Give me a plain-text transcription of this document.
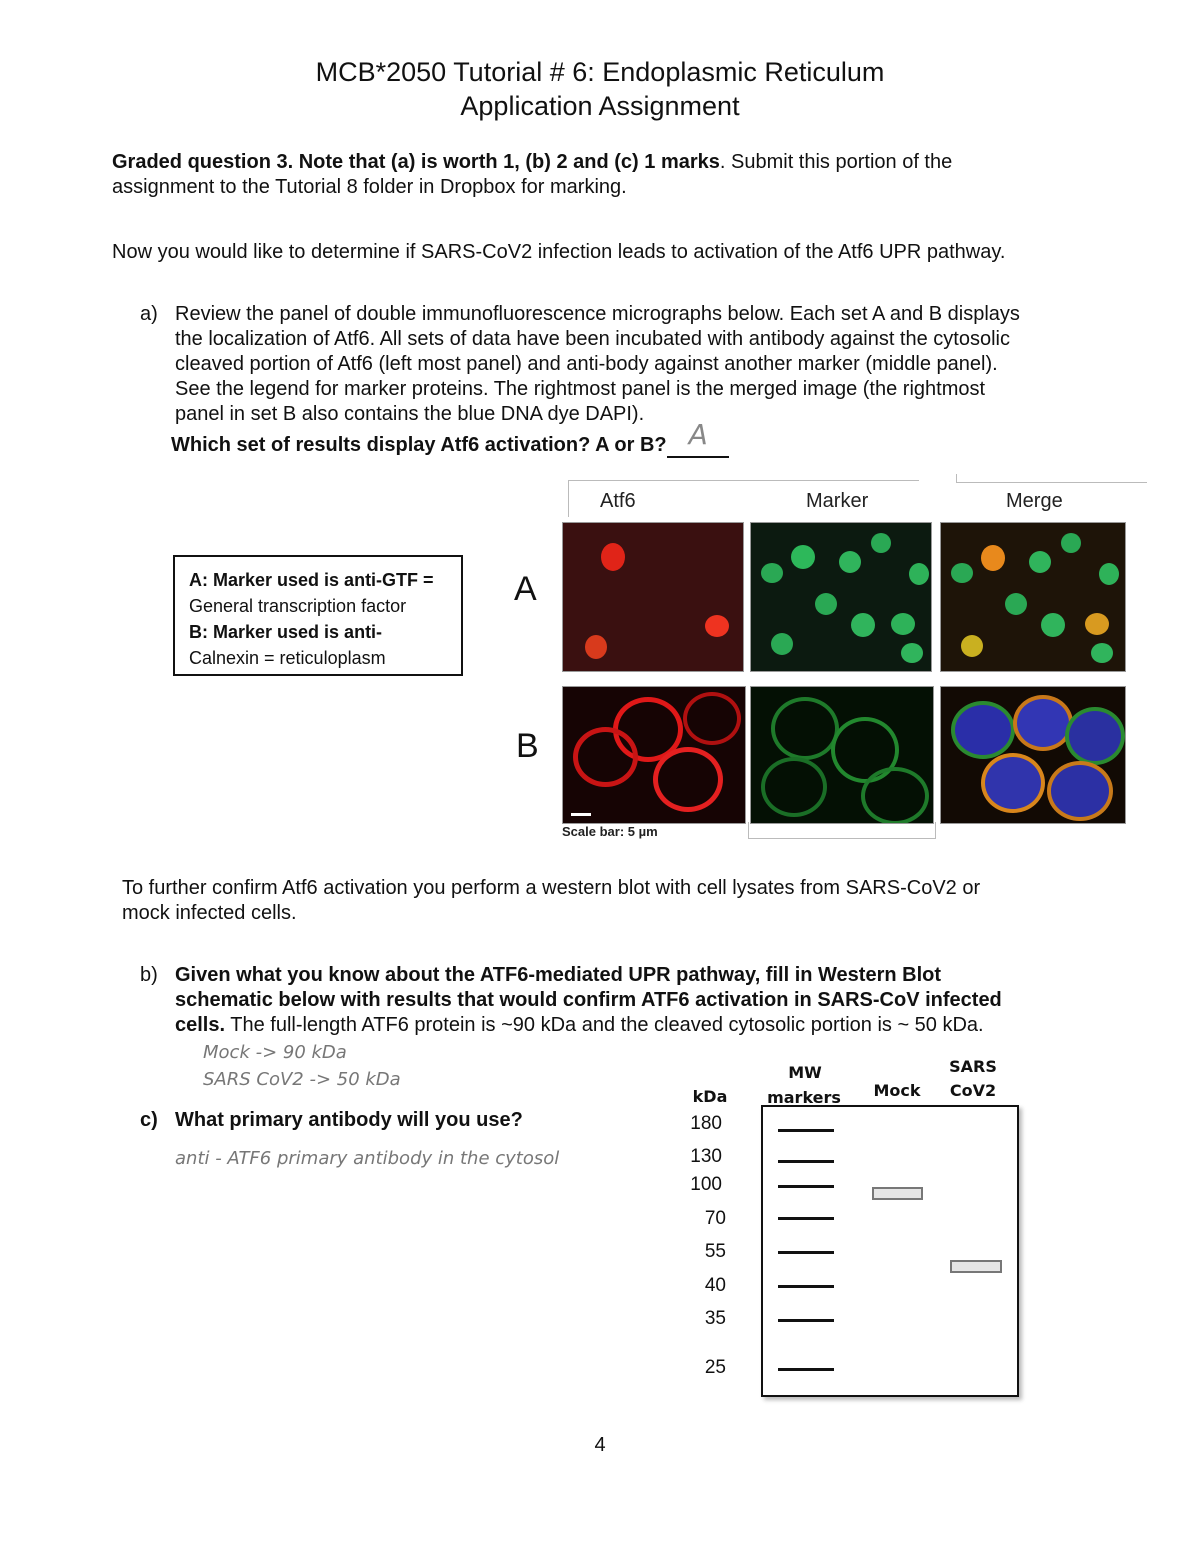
MCB*2050 Tutorial # 6: Endoplasmic Reticulum
Application Assignment
Graded question 3. Note that (a) is worth 1, (b) 2 and (c) 1 marks. Submit this portion of the
assignment to the Tutorial 8 folder in Dropbox for marking.
Now you would like to determine if SARS-CoV2 infection leads to activation of the Atf6 UPR pathway.
a) Review the panel of double immunofluorescence micrographs below. Each set A and B displays
the localization of Atf6. All sets of data have been incubated with antibody against the cytosolic
cleaved portion of Atf6 (left most panel) and anti-body against another marker (middle panel).
See the legend for marker proteins. The rightmost panel is the merged image (the rightmost
panel in set B also contains the blue DNA dye DAPI).
Which set of results display Atf6 activation? A or B? A
A: Marker used is anti-GTF =
General transcription factor
B: Marker used is anti-
Calnexin = reticuloplasm
Atf6	Marker	Merge
A
B
Scale bar: 5 µm
To further confirm Atf6 activation you perform a western blot with cell lysates from SARS-CoV2 or
mock infected cells.
b) Given what you know about the ATF6-mediated UPR pathway, fill in Western Blot
schematic below with results that would confirm ATF6 activation in SARS-CoV infected
cells. The full-length ATF6 protein is ~90 kDa and the cleaved cytosolic portion is ~ 50 kDa.
Mock -> 90 kDa
SARS CoV2 -> 50 kDa
c) What primary antibody will you use?
anti - ATF6 primary antibody in the cytosol
MW
markers Mock
SARS
CoV2
kDa
180
130
100
70
55
40
35
25
4
